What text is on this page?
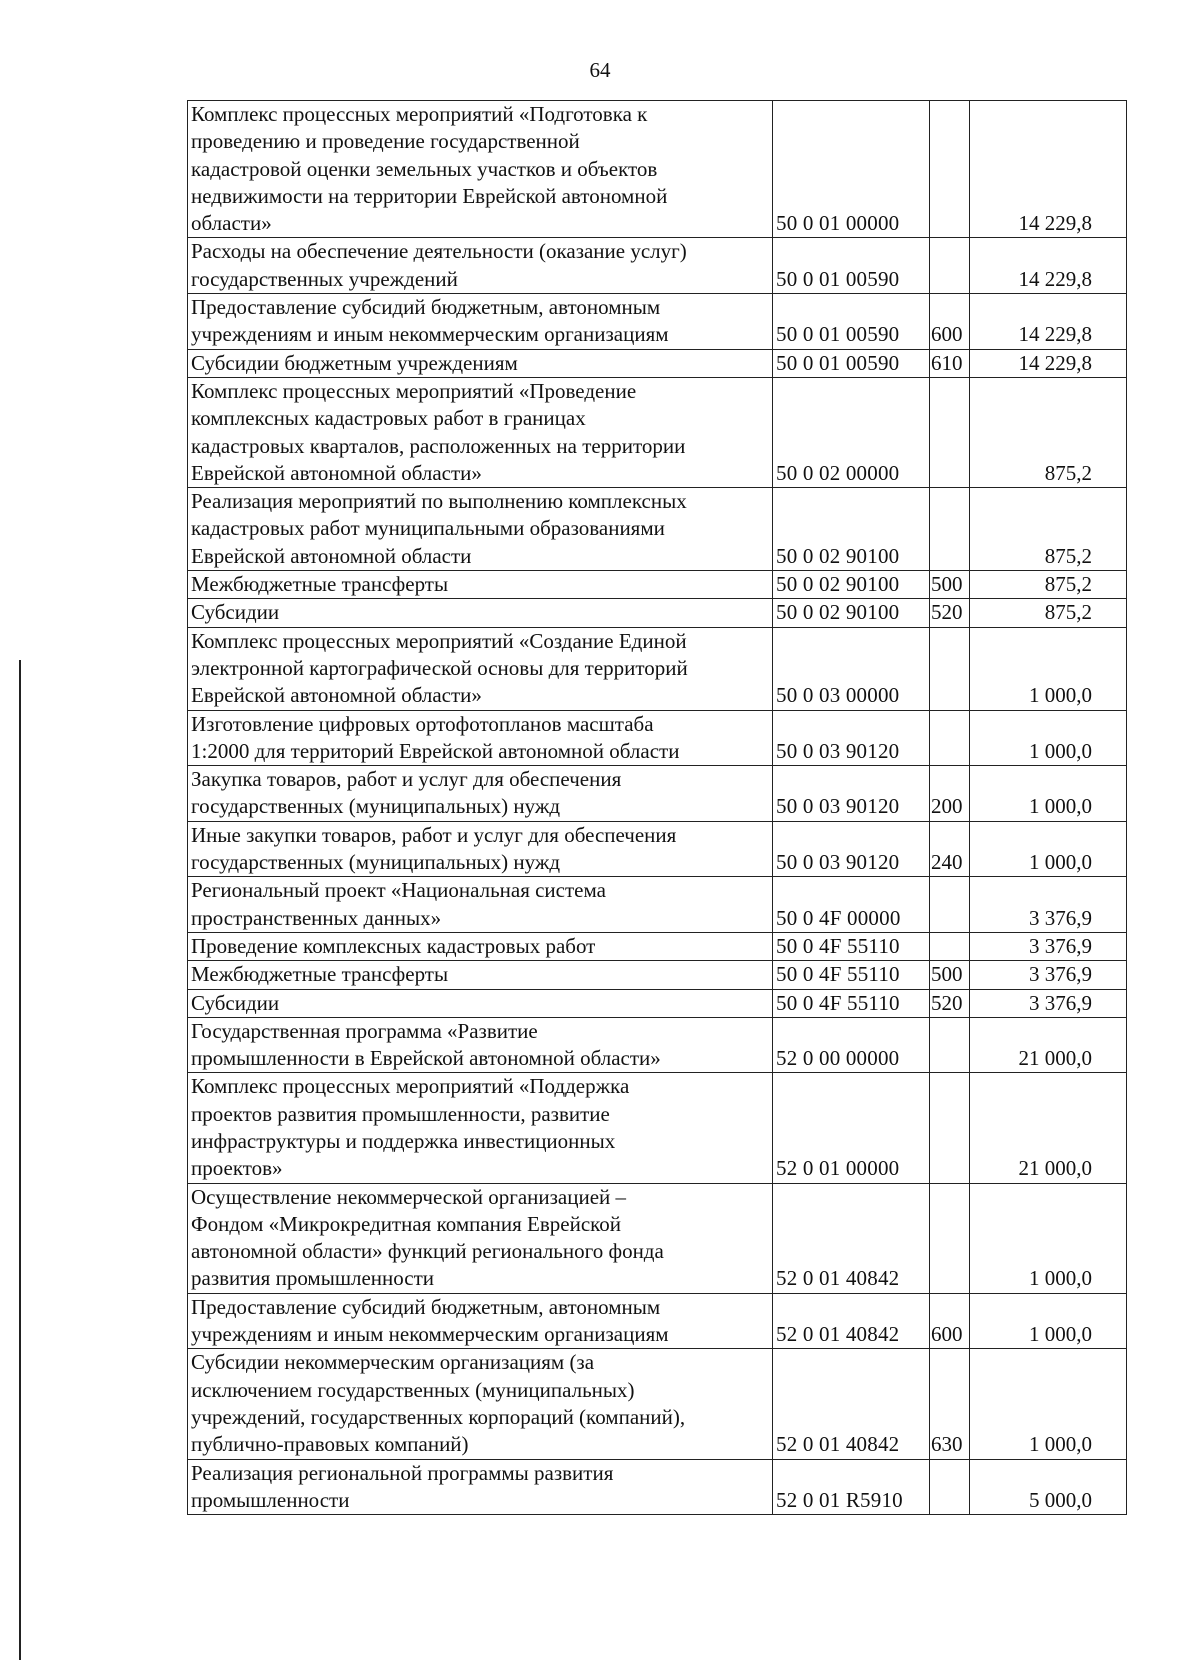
64
Комплекс процессных мероприятий «Подготовка к
проведению и проведение государственной
кадастровой оценки земельных участков и объектов
недвижимости на территории Еврейской автономной
области»	50 0 01 00000		14 229,8
Расходы на обеспечение деятельности (оказание услуг)
государственных учреждений	50 0 01 00590		14 229,8
Предоставление субсидий бюджетным, автономным
учреждениям и иным некоммерческим организациям	50 0 01 00590	600	14 229,8
Субсидии бюджетным учреждениям	50 0 01 00590	610	14 229,8
Комплекс процессных мероприятий «Проведение
комплексных кадастровых работ в границах
кадастровых кварталов, расположенных на территории
Еврейской автономной области»	50 0 02 00000		875,2
Реализация мероприятий по выполнению комплексных
кадастровых работ муниципальными образованиями
Еврейской автономной области	50 0 02 90100		875,2
Межбюджетные трансферты	50 0 02 90100	500	875,2
Субсидии	50 0 02 90100	520	875,2
Комплекс процессных мероприятий «Создание Единой
электронной картографической основы для территорий
Еврейской автономной области»	50 0 03 00000		1 000,0
Изготовление цифровых ортофотопланов масштаба
1:2000 для территорий Еврейской автономной области	50 0 03 90120		1 000,0
Закупка товаров, работ и услуг для обеспечения
государственных (муниципальных) нужд	50 0 03 90120	200	1 000,0
Иные закупки товаров, работ и услуг для обеспечения
государственных (муниципальных) нужд	50 0 03 90120	240	1 000,0
Региональный проект «Национальная система
пространственных данных»	50 0 4F 00000		3 376,9
Проведение комплексных кадастровых работ	50 0 4F 55110		3 376,9
Межбюджетные трансферты	50 0 4F 55110	500	3 376,9
Субсидии	50 0 4F 55110	520	3 376,9
Государственная программа «Развитие
промышленности в Еврейской автономной области»	52 0 00 00000		21 000,0
Комплекс процессных мероприятий «Поддержка
проектов развития промышленности, развитие
инфраструктуры и поддержка инвестиционных
проектов»	52 0 01 00000		21 000,0
Осуществление некоммерческой организацией –
Фондом «Микрокредитная компания Еврейской
автономной области» функций регионального фонда
развития промышленности	52 0 01 40842		1 000,0
Предоставление субсидий бюджетным, автономным
учреждениям и иным некоммерческим организациям	52 0 01 40842	600	1 000,0
Субсидии некоммерческим организациям (за
исключением государственных (муниципальных)
учреждений, государственных корпораций (компаний),
публично-правовых компаний)	52 0 01 40842	630	1 000,0
Реализация региональной программы развития
промышленности	52 0 01 R5910		5 000,0
